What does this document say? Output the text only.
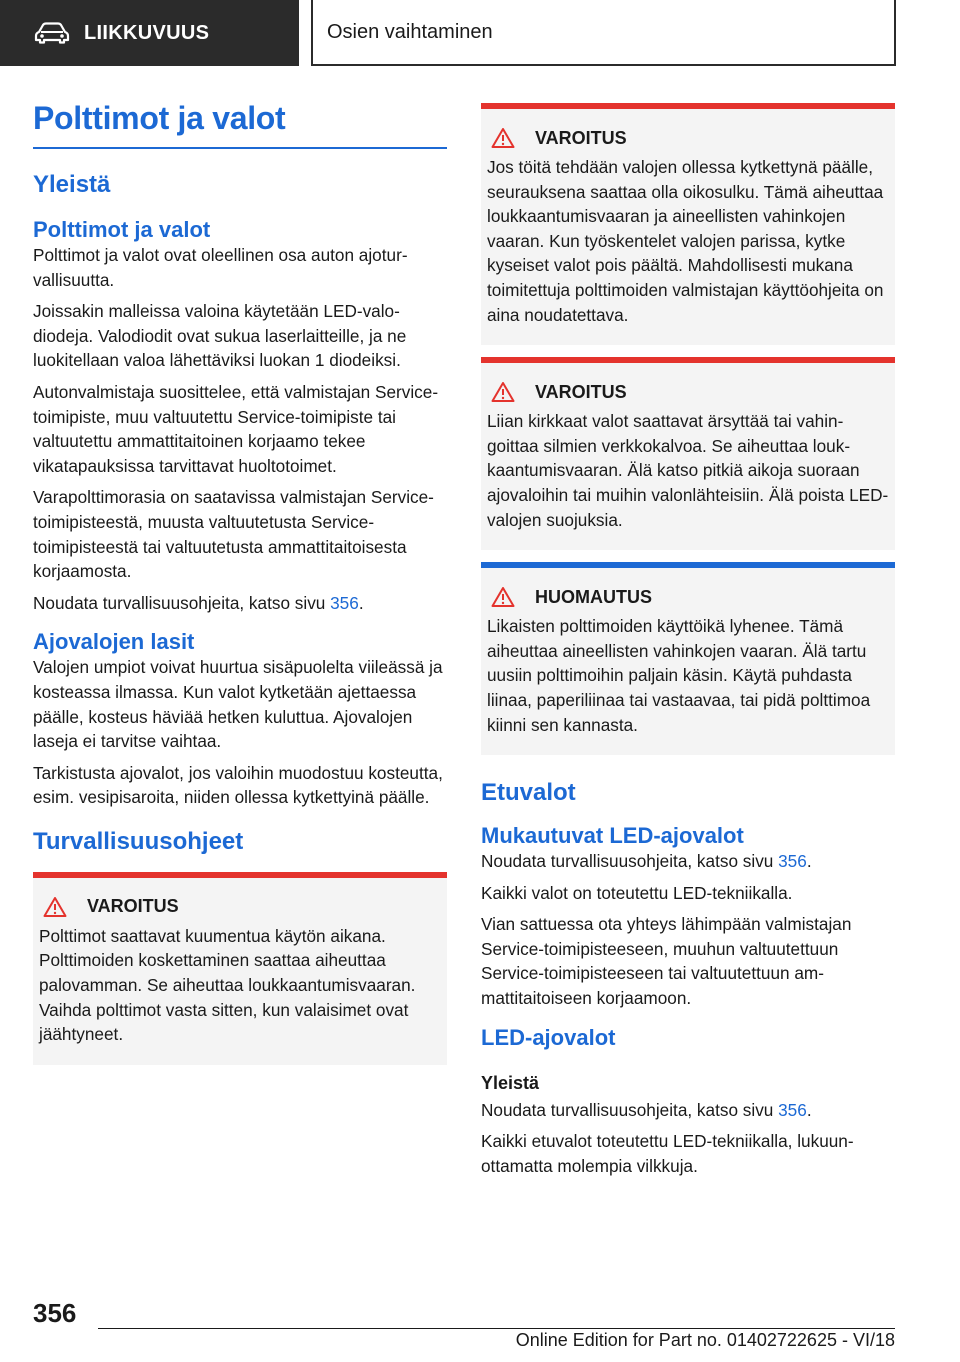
LIIKKUVUUS	Osien vaihtaminen
Polttimot ja valot
Yleistä
Polttimot ja valot

Polttimot ja valot ovat oleellinen osa auton ajoturvallisuutta.

Joissakin malleissa valoina käytetään LED-valodiodeja. Valodiodit ovat sukua laserlaitteille, ja ne luokitellaan valoa lähettäviksi luokan 1 diodeiksi.

Autonvalmistaja suosittelee, että valmistajan Service-toimipiste, muu valtuutettu Service-toimipiste tai valtuutettu ammattitaitoinen korjaamo tekee vikatapauksissa tarvittavat huoltotoimet.

Varapolttimorasia on saatavissa valmistajan Service-toimipisteestä, muusta valtuutetusta Service-toimipisteestä tai valtuutetusta ammattitaitoisesta korjaamosta.

Noudata turvallisuusohjeita, katso sivu 356.

Ajovalojen lasit

Valojen umpiot voivat huurtua sisäpuolelta viileässä ja kosteassa ilmassa. Kun valot kytketään ajettaessa päälle, kosteus häviää hetken kuluttua. Ajovalojen laseja ei tarvitse vaihtaa.

Tarkistusta ajovalot, jos valoihin muodostuu kosteutta, esim. vesipisaroita, niiden ollessa kytkettyinä päälle.

Turvallisuusohjeet
VAROITUS

Polttimot saattavat kuumentua käytön aikana. Polttimoiden koskettaminen saattaa aiheuttaa palovamman. Se aiheuttaa loukkaantumisvaaran. Vaihda polttimot vasta sitten, kun valaisimet ovat jäähtyneet.

VAROITUS

Jos töitä tehdään valojen ollessa kytkettynä päälle, seurauksena saattaa olla oikosulku. Tämä aiheuttaa loukkaantumisvaaran ja aineellisten vahinkojen vaaran. Kun työskentelet valojen parissa, kytke kyseiset valot pois päältä. Mahdollisesti mukana toimitettuja polttimoiden valmistajan käyttöohjeita on aina noudatettava.

VAROITUS

Liian kirkkaat valot saattavat ärsyttää tai vahingoittaa silmien verkkokalvoa. Se aiheuttaa loukkaantumisvaaran. Älä katso pitkiä aikoja suoraan ajovaloihin tai muihin valonlähteisiin. Älä poista LED-valojen suojuksia.

HUOMAUTUS

Likaisten polttimoiden käyttöikä lyhenee. Tämä aiheuttaa aineellisten vahinkojen vaaran. Älä tartu uusiin polttimoihin paljain käsin. Käytä puhdasta liinaa, paperiliinaa tai vastaavaa, tai pidä polttimoa kiinni sen kannasta.

Etuvalot
Mukautuvat LED-ajovalot

Noudata turvallisuusohjeita, katso sivu 356.

Kaikki valot on toteutettu LED-tekniikalla.

Vian sattuessa ota yhteys lähimpään valmistajan Service-toimipisteeseen, muuhun valtuutettuun Service-toimipisteeseen tai valtuutettuun ammattitaitoiseen korjaamoon.

LED-ajovalot
Yleistä

Noudata turvallisuusohjeita, katso sivu 356.

Kaikki etuvalot toteutettu LED-tekniikalla, lukuunottamatta molempia vilkkuja.

356
Online Edition for Part no. 01402722625 - VI/18
